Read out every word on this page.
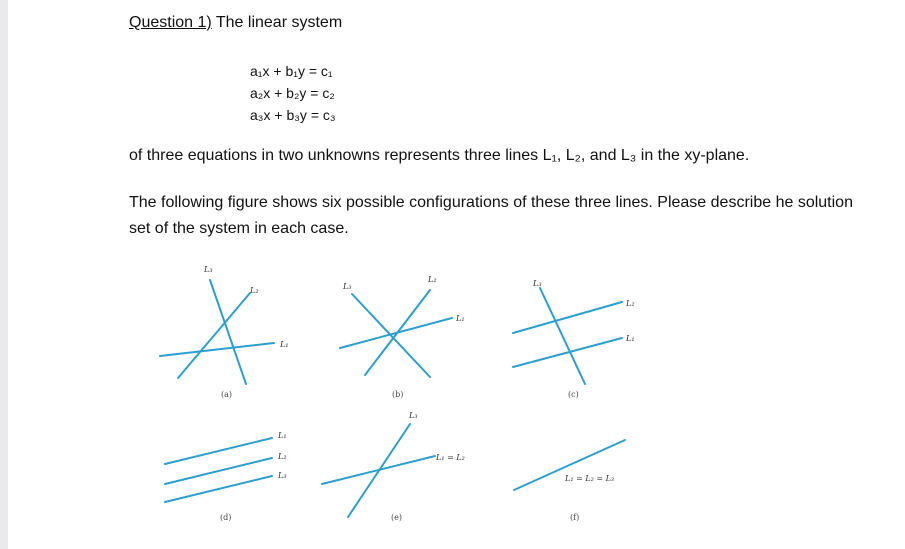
Question 1) The linear system
a₁x + b₁y = c₁
a₂x + b₂y = c₂
a₃x + b₃y = c₃
of three equations in two unknowns represents three lines L₁, L₂, and L₃ in the xy-plane.
The following figure shows six possible configurations of these three lines. Please describe he solution set of the system in each case.
L₃
L₂
L₁
(a)
L₃
L₂
L₁
(b)
L₃
L₂
L₁
(c)
L₁
L₂
L₃
(d)
L₃
L₁ = L₂
(e)
L₁ = L₂ = L₃
(f)
